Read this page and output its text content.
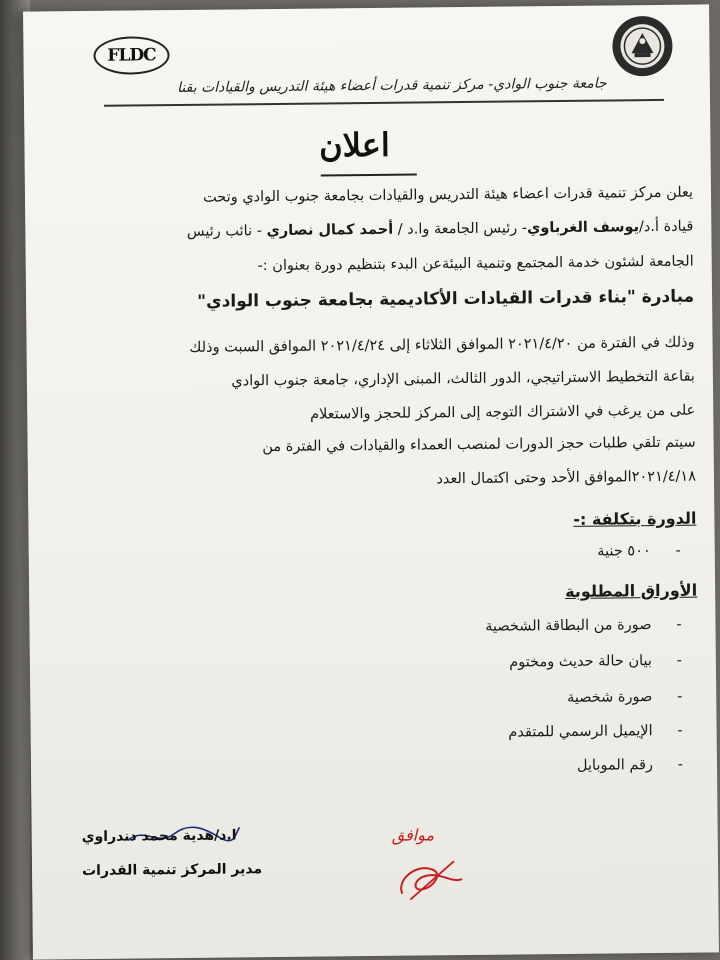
FLDC
جامعة جنوب الوادي- مركز تنمية قدرات أعضاء هيئة التدريس والقيادات بقنا
اعلان
يعلن مركز تنمية قدرات اعضاء هيئة التدريس والقيادات بجامعة جنوب الوادي وتحت
قيادة أ.د/يوسف الغرباوي- رئيس الجامعة وا.د / أحمد كمال نصاري - نائب رئيس
الجامعة لشئون خدمة المجتمع وتنمية البيئةعن البدء بتنظيم دورة بعنوان :-
مبادرة "بناء قدرات القيادات الأكاديمية بجامعة جنوب الوادي"
وذلك في الفترة من ٢٠٢١/٤/٢٠ الموافق الثلاثاء إلى ٢٠٢١/٤/٢٤ الموافق السبت وذلك
بقاعة التخطيط الاستراتيجي، الدور الثالث، المبنى الإداري، جامعة جنوب الوادي
على من يرغب في الاشتراك التوجه إلى المركز للحجز والاستعلام
سيتم تلقي طلبات حجز الدورات لمنصب العمداء والقيادات في الفترة من
٢٠٢١/٤/١٨الموافق الأحد وحتى اكتمال العدد
الدورة بتكلفة :-
-
٥٠٠ جنية
الأوراق المطلوبة
-
صورة من البطاقة الشخصية
-
بيان حالة حديث ومختوم
-
صورة شخصية
-
الإيميل الرسمي للمتقدم
-
رقم الموبايل
ا.د/هدية محمد دندراوي
مدير المركز تنمية القدرات
موافق
